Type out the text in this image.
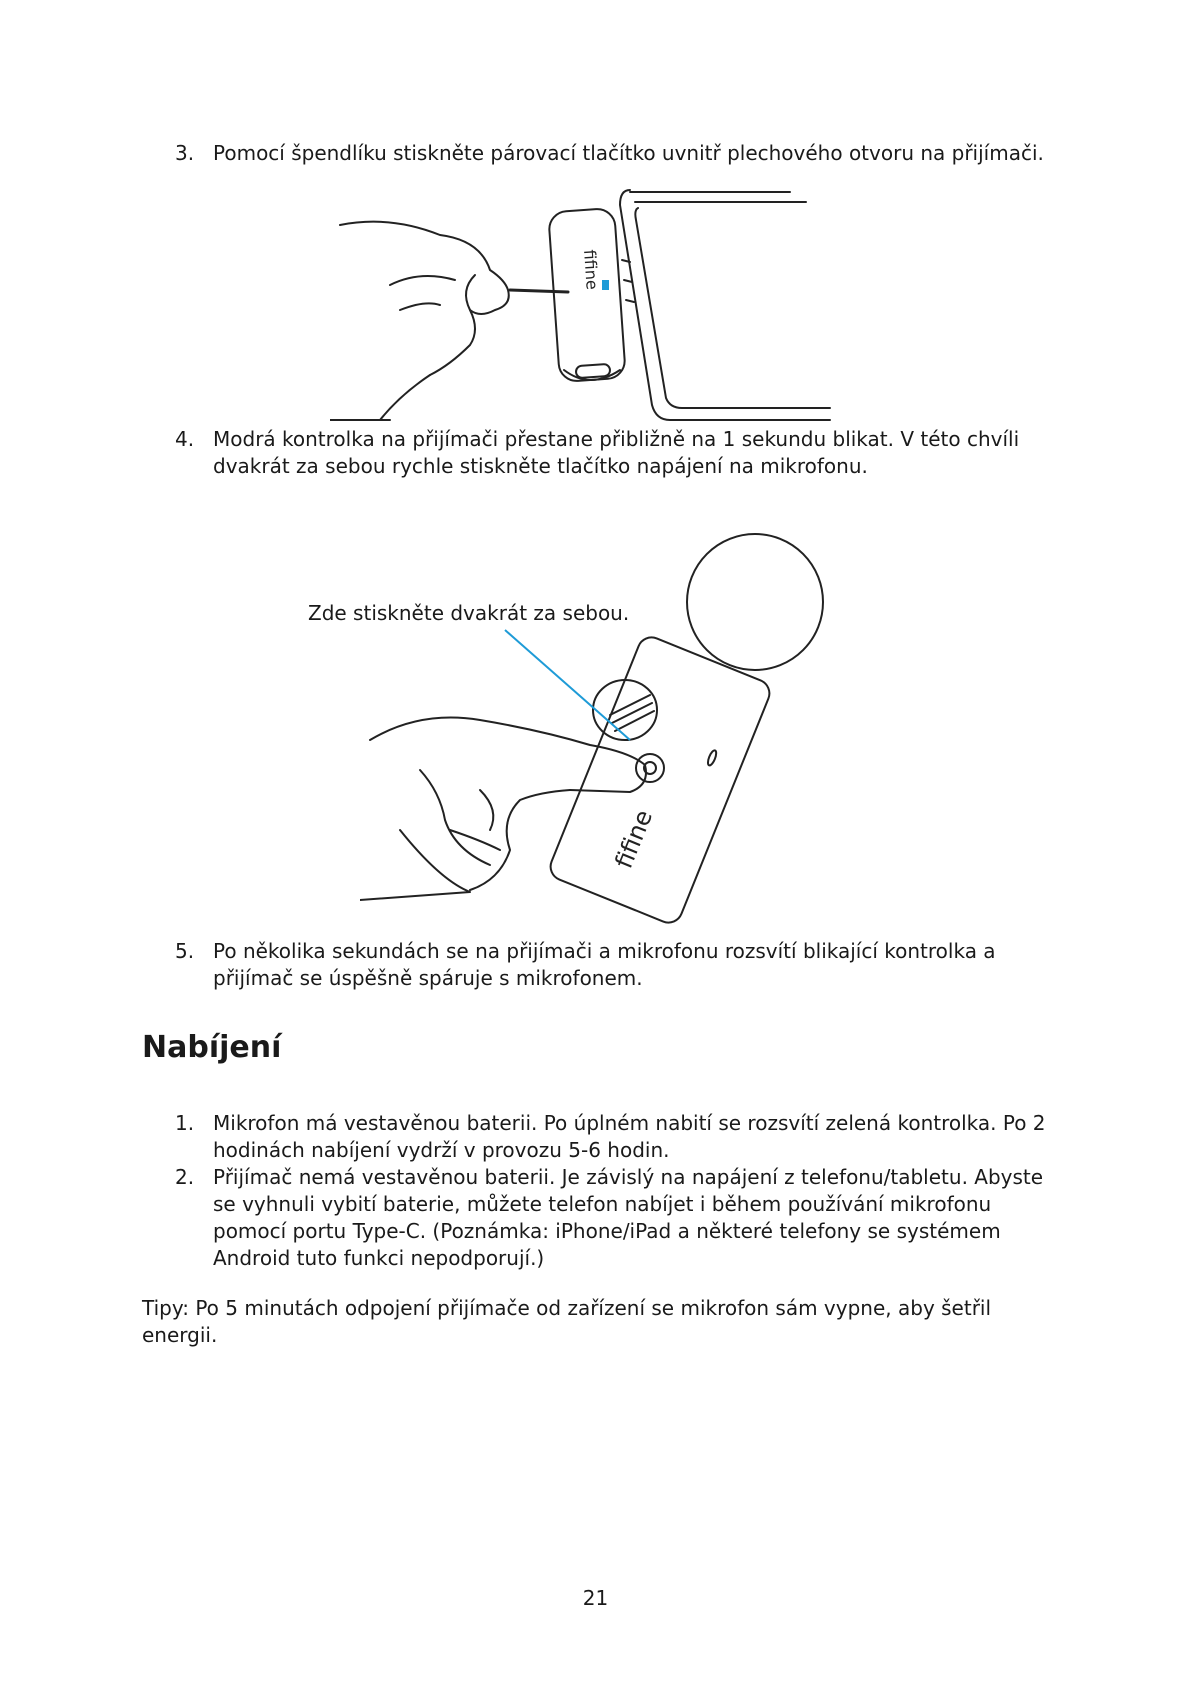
3. Pomocí špendlíku stiskněte párovací tlačítko uvnitř plechového otvoru na přijímači.
fifine
4. Modrá kontrolka na přijímači přestane přibližně na 1 sekundu blikat. V této chvíli dvakrát za sebou rychle stiskněte tlačítko napájení na mikrofonu.
Zde stiskněte dvakrát za sebou.
fifine
5. Po několika sekundách se na přijímači a mikrofonu rozsvítí blikající kontrolka a přijímač se úspěšně spáruje s mikrofonem.
Nabíjení
1. Mikrofon má vestavěnou baterii. Po úplném nabití se rozsvítí zelená kontrolka. Po 2 hodinách nabíjení vydrží v provozu 5-6 hodin.
2. Přijímač nemá vestavěnou baterii. Je závislý na napájení z telefonu/tabletu. Abyste se vyhnuli vybití baterie, můžete telefon nabíjet i během používání mikrofonu pomocí portu Type-C. (Poznámka: iPhone/iPad a některé telefony se systémem Android tuto funkci nepodporují.)
Tipy: Po 5 minutách odpojení přijímače od zařízení se mikrofon sám vypne, aby šetřil energii.
21
